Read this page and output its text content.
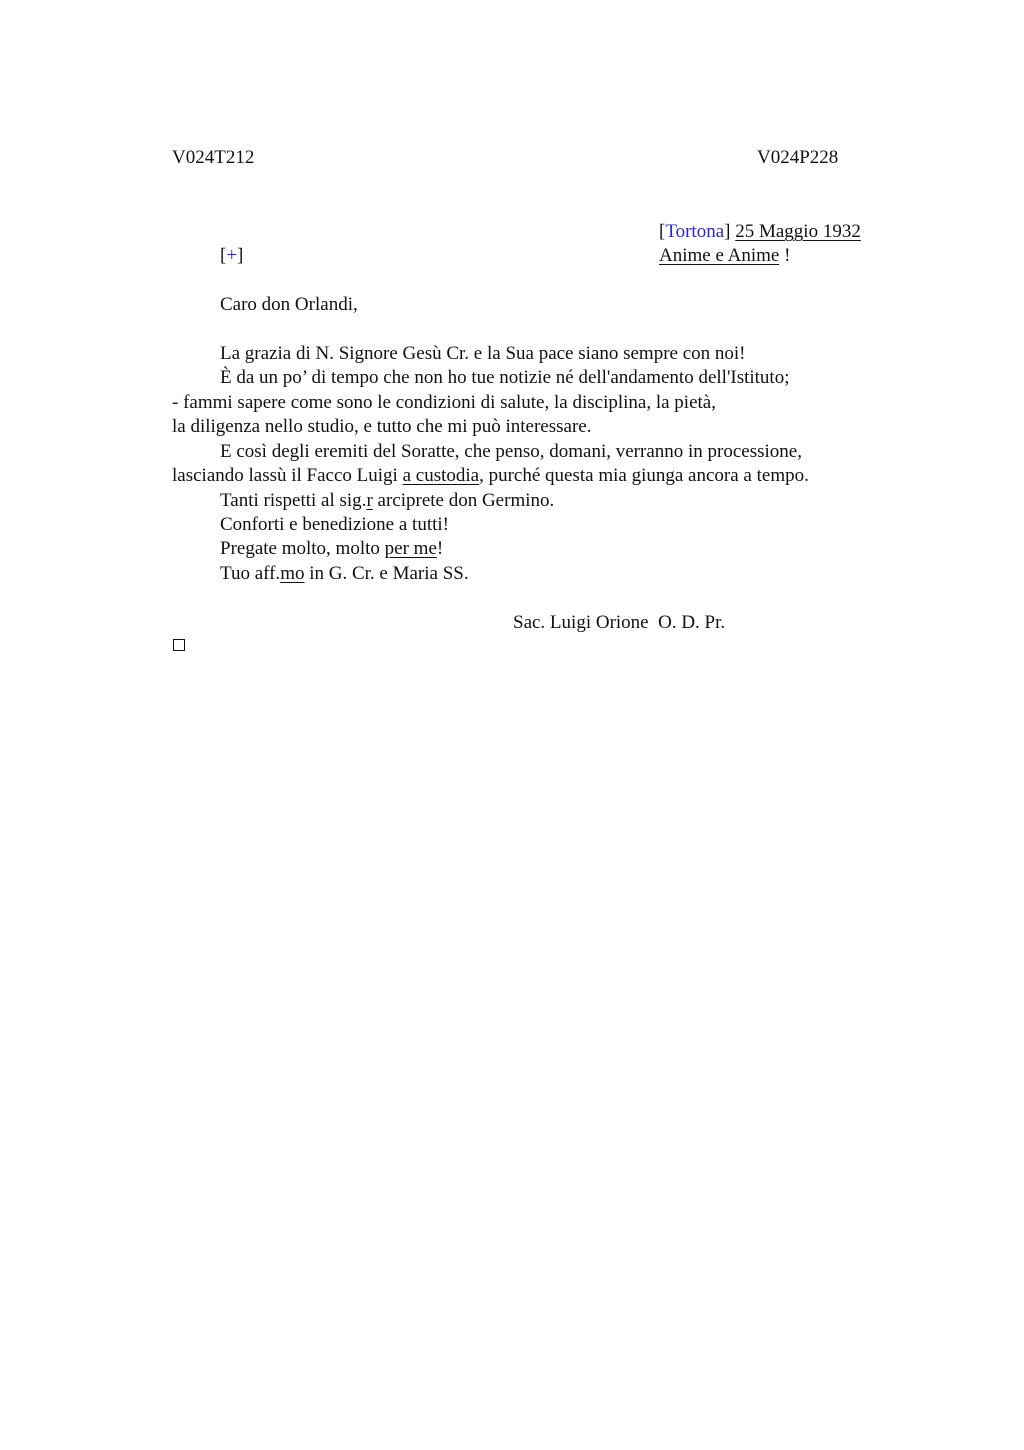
V024T212	V024P228
[Tortona] 25 Maggio 1932
Anime e Anime !
[+]
Caro don Orlandi,
La grazia di N. Signore Gesù Cr. e la Sua pace siano sempre con noi!
È da un po’ di tempo che non ho tue notizie né dell'andamento dell'Istituto;
- fammi sapere come sono le condizioni di salute, la disciplina, la pietà,
la diligenza nello studio, e tutto che mi può interessare.
E così degli eremiti del Soratte, che penso, domani, verranno in processione,
lasciando lassù il Facco Luigi a custodia, purché questa mia giunga ancora a tempo.
Tanti rispetti al sig.r arciprete don Germino.
Conforti e benedizione a tutti!
Pregate molto, molto per me!
Tuo aff.mo in G. Cr. e Maria SS.
Sac. Luigi Orione  O. D. Pr.
